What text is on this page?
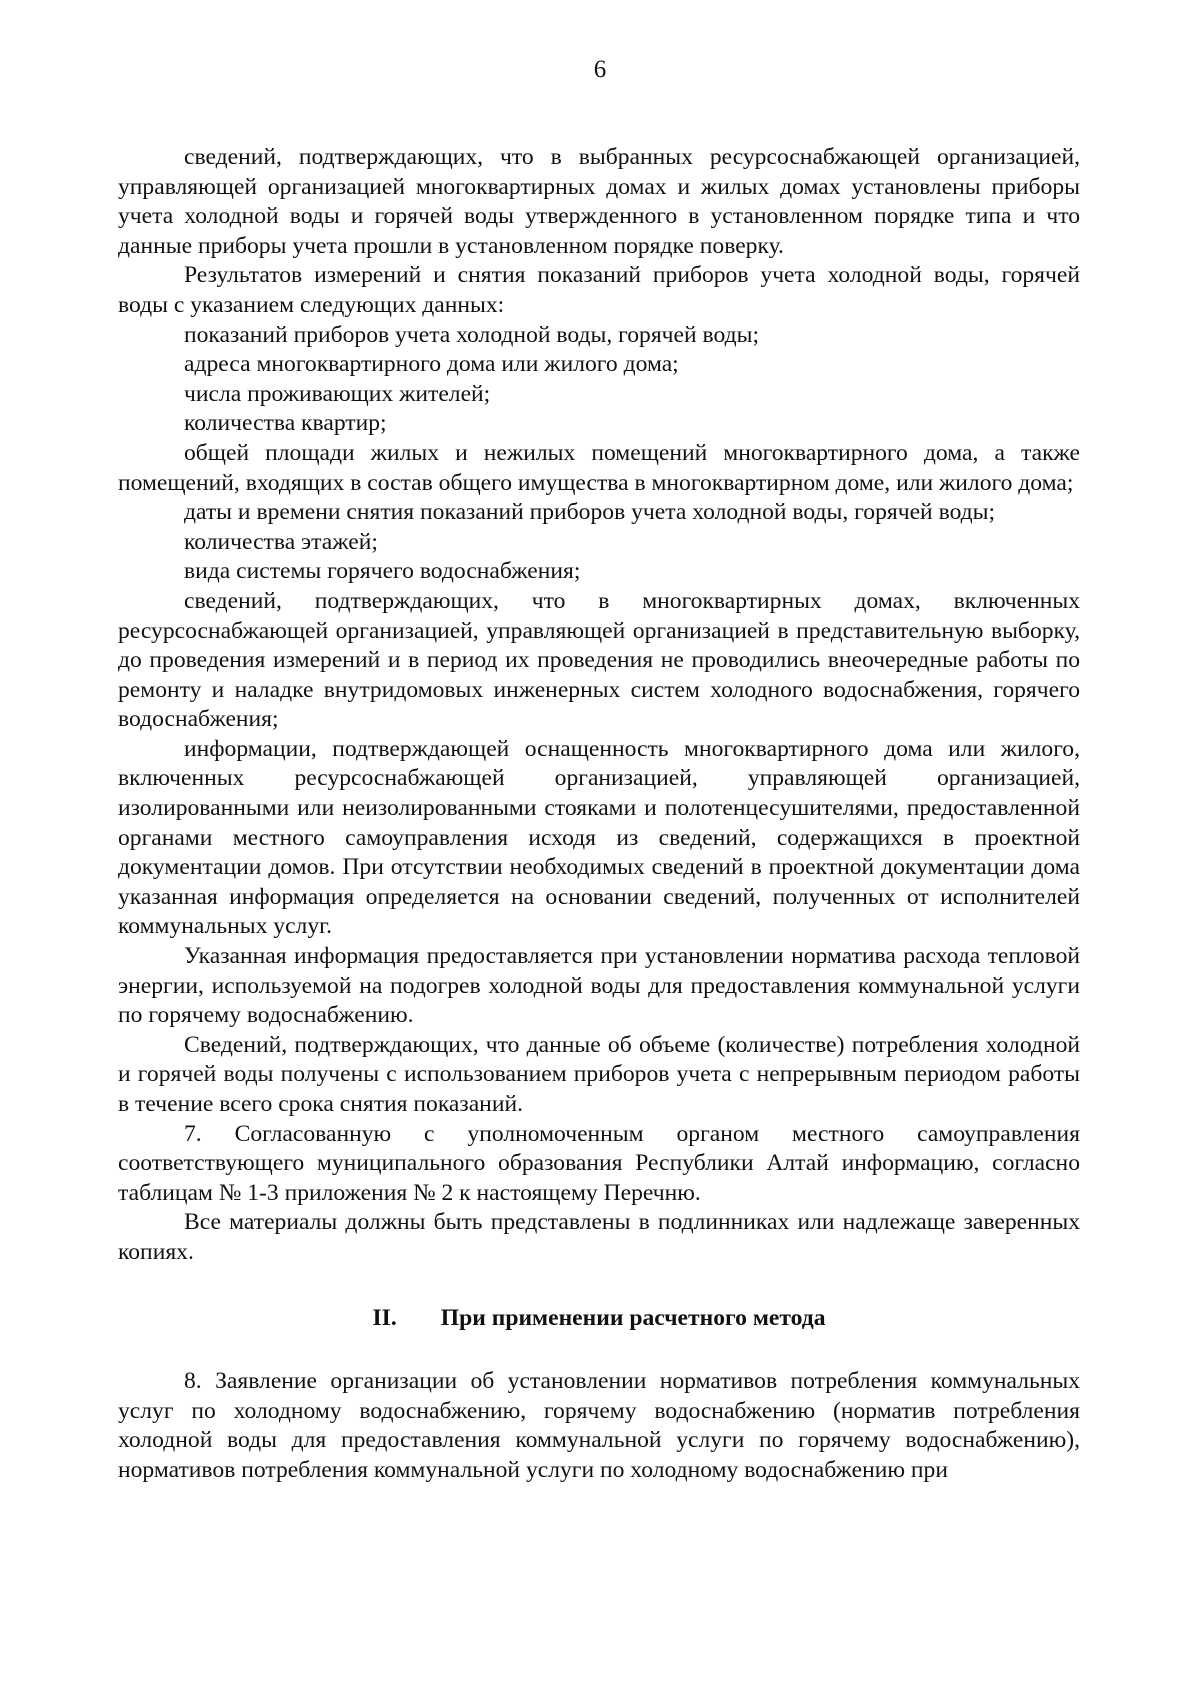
6

сведений, подтверждающих, что в выбранных ресурсоснабжающей организацией, управляющей организацией многоквартирных домах и жилых домах установлены приборы учета холодной воды и горячей воды утвержденного в установленном порядке типа и что данные приборы учета прошли в установленном порядке поверку.

Результатов измерений и снятия показаний приборов учета холодной воды, горячей воды с указанием следующих данных:

показаний приборов учета холодной воды, горячей воды;

адреса многоквартирного дома или жилого дома;

числа проживающих жителей;

количества квартир;

общей площади жилых и нежилых помещений многоквартирного дома, а также помещений, входящих в состав общего имущества в многоквартирном доме, или жилого дома;

даты и времени снятия показаний приборов учета холодной воды, горячей воды;

количества этажей;

вида системы горячего водоснабжения;

сведений, подтверждающих, что в многоквартирных домах, включенных ресурсоснабжающей организацией, управляющей организацией в представительную выборку, до проведения измерений и в период их проведения не проводились внеочередные работы по ремонту и наладке внутридомовых инженерных систем холодного водоснабжения, горячего водоснабжения;

информации, подтверждающей оснащенность многоквартирного дома или жилого, включенных ресурсоснабжающей организацией, управляющей организацией, изолированными или неизолированными стояками и полотенцесушителями, предоставленной органами местного самоуправления исходя из сведений, содержащихся в проектной документации домов. При отсутствии необходимых сведений в проектной документации дома указанная информация определяется на основании сведений, полученных от исполнителей коммунальных услуг.

Указанная информация предоставляется при установлении норматива расхода тепловой энергии, используемой на подогрев холодной воды для предоставления коммунальной услуги по горячему водоснабжению.

Сведений, подтверждающих, что данные об объеме (количестве) потребления холодной и горячей воды получены с использованием приборов учета с непрерывным периодом работы в течение всего срока снятия показаний.

7. Согласованную с уполномоченным органом местного самоуправления соответствующего муниципального образования Республики Алтай информацию, согласно таблицам № 1-3 приложения № 2 к настоящему Перечню.

Все материалы должны быть представлены в подлинниках или надлежаще заверенных копиях.

II. При применении расчетного метода

8. Заявление организации об установлении нормативов потребления коммунальных услуг по холодному водоснабжению, горячему водоснабжению (норматив потребления холодной воды для предоставления коммунальной услуги по горячему водоснабжению), нормативов потребления коммунальной услуги по холодному водоснабжению при
